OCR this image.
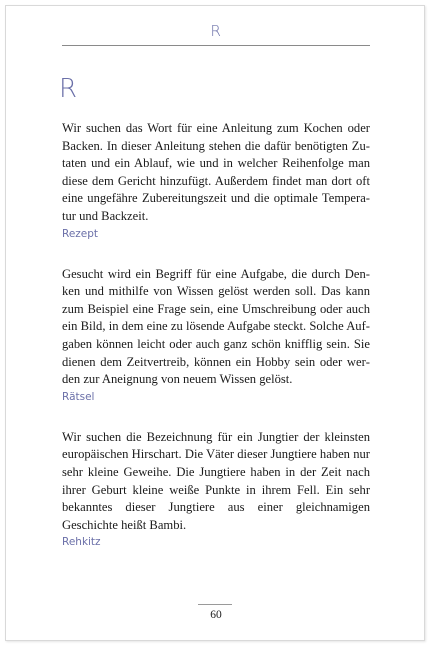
R
R

Wir suchen das Wort für eine Anleitung zum Kochen oder Backen. In dieser Anleitung stehen die dafür benötigten Zutaten und ein Ablauf, wie und in welcher Reihenfolge man diese dem Gericht hinzufügt. Außerdem findet man dort oft eine ungefähre Zubereitungszeit und die optimale Temperatur und Backzeit.

Rezept

Gesucht wird ein Begriff für eine Aufgabe, die durch Denken und mithilfe von Wissen gelöst werden soll. Das kann zum Beispiel eine Frage sein, eine Umschreibung oder auch ein Bild, in dem eine zu lösende Aufgabe steckt. Solche Aufgaben können leicht oder auch ganz schön knifflig sein. Sie dienen dem Zeitvertreib, können ein Hobby sein oder werden zur Aneignung von neuem Wissen gelöst.

Rätsel

Wir suchen die Bezeichnung für ein Jungtier der kleinsten europäischen Hirschart. Die Väter dieser Jungtiere haben nur sehr kleine Geweihe. Die Jungtiere haben in der Zeit nach ihrer Geburt kleine weiße Punkte in ihrem Fell. Ein sehr bekanntes dieser Jungtiere aus einer gleichnamigen Geschichte heißt Bambi.

Rehkitz
60
